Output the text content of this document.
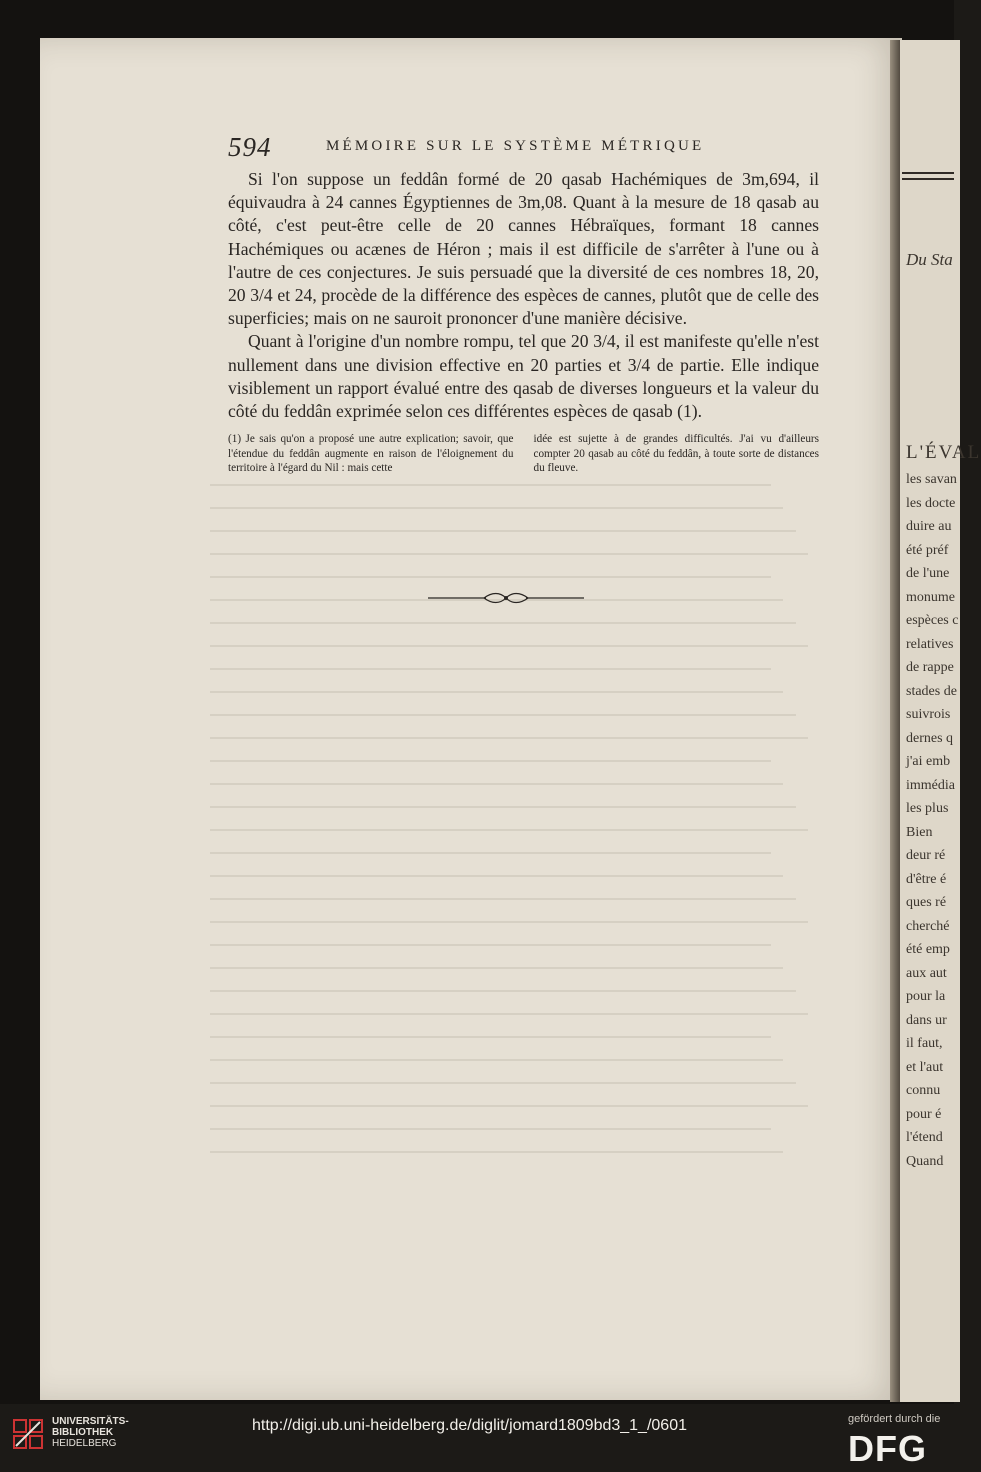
Du Sta
L'ÉVAL
les savan
les docte
duire au
été préf
de l'une
monume
espèces c
relatives
de rappe
stades de
suivrois
dernes q
j'ai emb
immédia
les plus
Bien
deur ré
d'être é
ques ré
cherché
été emp
aux aut
pour la
dans ur
il faut,
et l'aut
connu
pour é
l'étend
Quand
594	MÉMOIRE SUR LE SYSTÈME MÉTRIQUE

Si l'on suppose un feddân formé de 20 qasab Hachémiques de 3m,694, il équivaudra à 24 cannes Égyptiennes de 3m,08. Quant à la mesure de 18 qasab au côté, c'est peut-être celle de 20 cannes Hébraïques, formant 18 cannes Hachémiques ou acænes de Héron ; mais il est difficile de s'arrêter à l'une ou à l'autre de ces conjectures. Je suis persuadé que la diversité de ces nombres 18, 20, 20 3/4 et 24, procède de la différence des espèces de cannes, plutôt que de celle des superficies; mais on ne sauroit prononcer d'une manière décisive.

Quant à l'origine d'un nombre rompu, tel que 20 3/4, il est manifeste qu'elle n'est nullement dans une division effective en 20 parties et 3/4 de partie. Elle indique visiblement un rapport évalué entre des qasab de diverses longueurs et la valeur du côté du feddân exprimée selon ces différentes espèces de qasab (1).

(1) Je sais qu'on a proposé une autre explication; savoir, que l'étendue du feddân augmente en raison de l'éloignement du territoire à l'égard du Nil : mais cette
idée est sujette à de grandes difficultés. J'ai vu d'ailleurs compter 20 qasab au côté du feddân, à toute sorte de distances du fleuve.
UNIVERSITÄTS-
BIBLIOTHEK
HEIDELBERG
http://digi.ub.uni-heidelberg.de/diglit/jomard1809bd3_1_/0601	gefördert durch die
DFG
